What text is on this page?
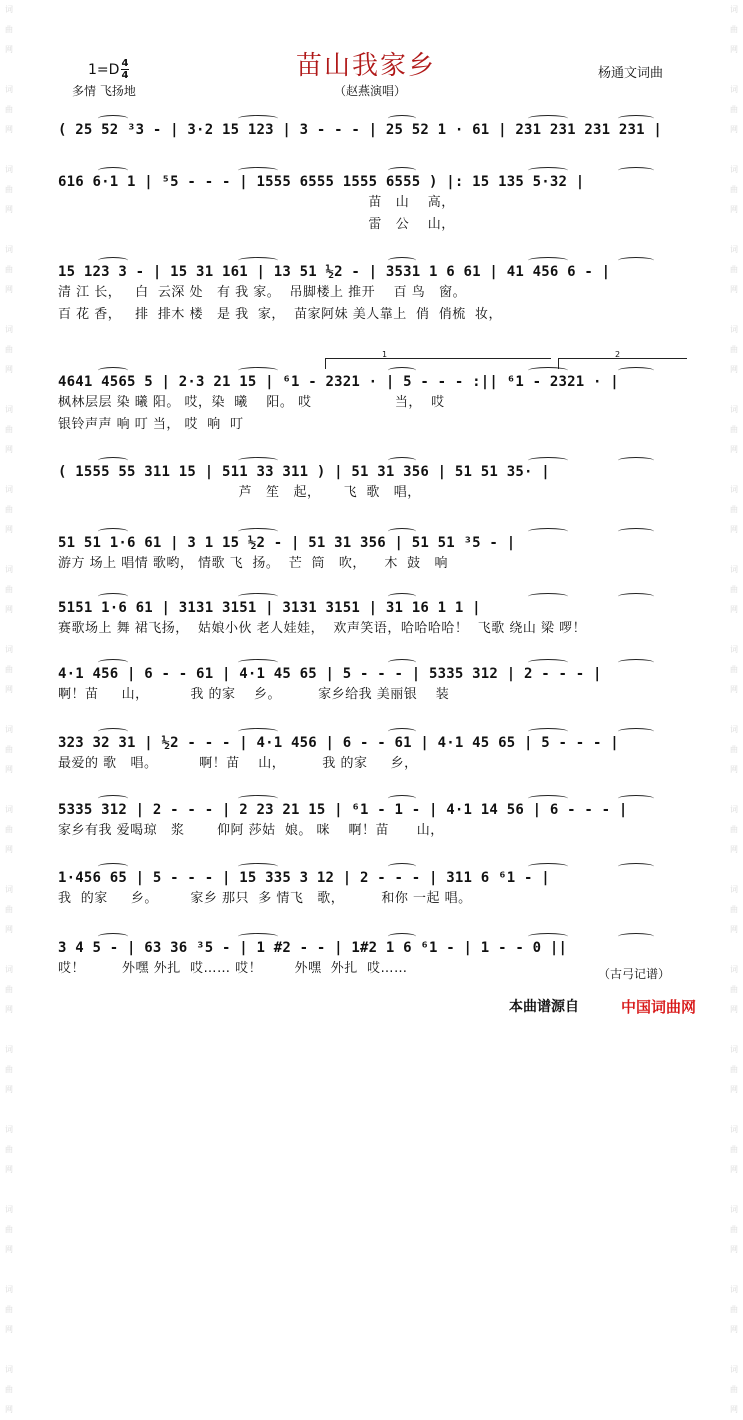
词
曲
网

词
曲
网

词
曲
网

词
曲
网

词
曲
网

词
曲
网

词
曲
网

词
曲
网

词
曲
网

词
曲
网

词
曲
网

词
曲
网

词
曲
网

词
曲
网

词
曲
网

词
曲
网

词
曲
网

词
曲
网
词
曲
网

词
曲
网

词
曲
网

词
曲
网

词
曲
网

词
曲
网

词
曲
网

词
曲
网

词
曲
网

词
曲
网

词
曲
网

词
曲
网

词
曲
网

词
曲
网

词
曲
网

词
曲
网

词
曲
网

词
曲
网
苗山我家乡
1=D 4
4
多情 飞扬地	（赵燕演唱）
杨通文词曲
( 25 52 ³3 - | 3·2 15 123 | 3 - - - | 25 52 1 · 61 | 231 231 231 231 |
616 6·1 1 | ⁵5 - - - | 1555 6555 1555 6555 ) |: 15 135 5·32 |
苗   山    高，
雷   公    山，
15 123 3 - | 15 31 161 | 13 51 ½2 - | 3531 1 6 61 | 41 456 6 - |
清 江 长，   白  云深 处   有 我 家。  吊脚楼上 推开    百 鸟   窗。
百 花 香，   排  排木 楼   是 我  家，  苗家阿妹 美人靠上  俏  俏梳  妆，
4641 4565 5 | 2·3 21 15 | ⁶1 - 2321 · | 5 - - - :|| ⁶1 - 2321 · |
枫林层层 染 曦 阳。 哎，染  曦    阳。 哎                  当，  哎
银铃声声 响 叮 当， 哎  响  叮
( 1555 55 311 15 | 511 33 311 ) | 51 31 356 | 51 51 35· |
芦   笙   起，     飞  歌   唱，
51 51 1·6 61 | 3 1 15 ½2 - | 51 31 356 | 51 51 ³5 - |
游方 场上 唱情 歌哟， 情歌 飞  扬。  芒  筒   吹，    木  鼓   响
5151 1·6 61 | 3131 3151 | 3131 3151 | 31 16 1 1 |
赛歌场上 舞 裙飞扬，  姑娘小伙 老人娃娃，  欢声笑语，哈哈哈哈！  飞歌 绕山 梁 啰！
4·1 456 | 6 - - 61 | 4·1 45 65 | 5 - - - | 5335 312 | 2 - - - |
啊！苗     山，         我 的家    乡。        家乡给我 美丽银    装
323 32 31 | ½2 - - - | 4·1 456 | 6 - - 61 | 4·1 45 65 | 5 - - - |
最爱的 歌   唱。         啊！苗    山，        我 的家     乡，
5335 312 | 2 - - - | 2 23 21 15 | ⁶1 - 1 - | 4·1 14 56 | 6 - - - |
家乡有我 爱喝琼   浆       仰阿 莎姑  娘。 咪    啊！苗      山，
1·456 65 | 5 - - - | 15 335 3 12 | 2 - - - | 311 6 ⁶1 - |
我  的家     乡。       家乡 那只  多 情飞   歌，        和你 一起 唱。
3 4 5 - | 63 36 ³5 - | 1 #2 - - | 1#2 1 6 ⁶1 - | 1 - - 0 ||
哎！        外嘿 外扎  哎…… 哎！       外嘿  外扎  哎……	（古弓记谱）
本曲谱源自	中国词曲网
1	2
